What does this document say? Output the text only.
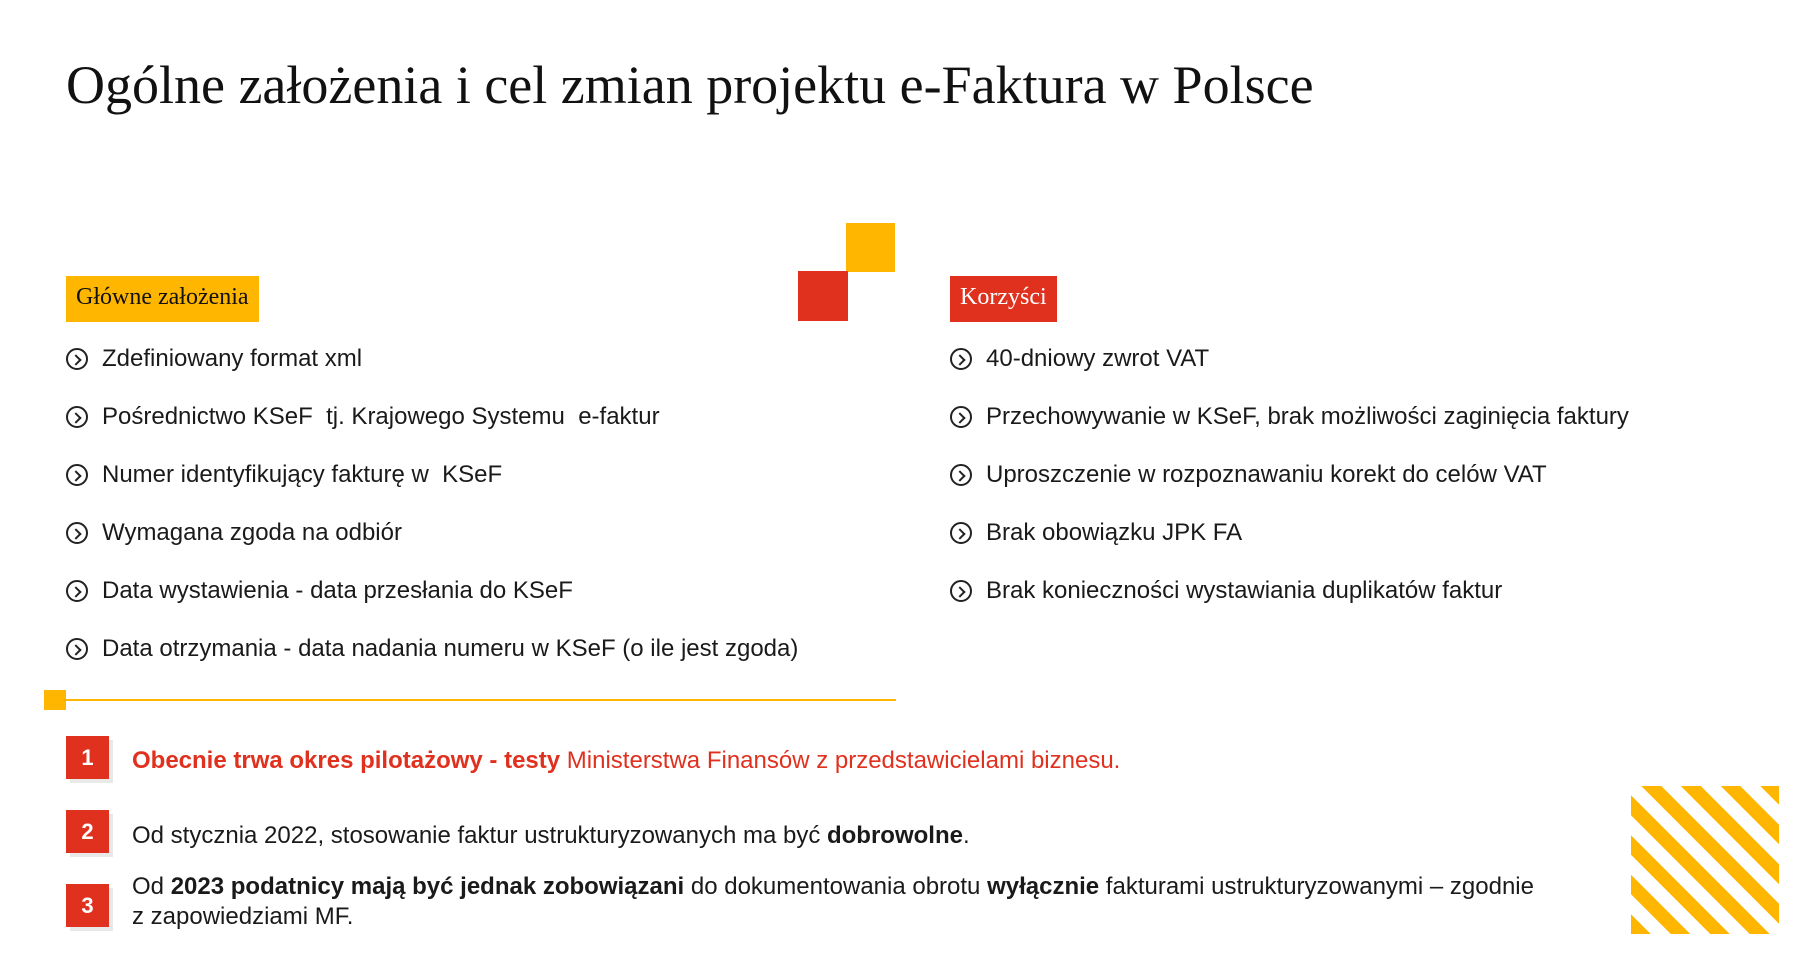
Ogólne założenia i cel zmian projektu e-Faktura w Polsce
Główne założenia
Zdefiniowany format xml
Pośrednictwo KSeF  tj. Krajowego Systemu  e-faktur
Numer identyfikujący fakturę w  KSeF
Wymagana zgoda na odbiór
Data wystawienia - data przesłania do KSeF
Data otrzymania - data nadania numeru w KSeF (o ile jest zgoda)
Korzyści
40-dniowy zwrot VAT
Przechowywanie w KSeF, brak możliwości zaginięcia faktury
Uproszczenie w rozpoznawaniu korekt do celów VAT
Brak obowiązku JPK FA
Brak konieczności wystawiania duplikatów faktur
1	Obecnie trwa okres pilotażowy - testy Ministerstwa Finansów z przedstawicielami biznesu.
2	Od stycznia 2022, stosowanie faktur ustrukturyzowanych ma być dobrowolne.
3
Od 2023 podatnicy mają być jednak zobowiązani do dokumentowania obrotu wyłącznie fakturami ustrukturyzowanymi – zgodnie z zapowiedziami MF.
